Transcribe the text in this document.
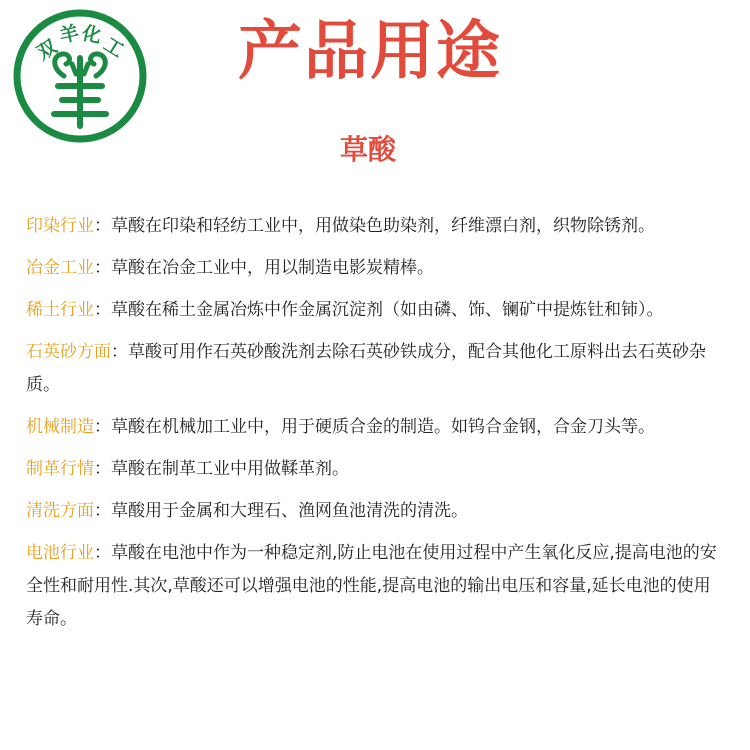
双
羊 化
工 产品用途
草酸

印染行业：草酸在印染和轻纺工业中，用做染色助染剂，纤维漂白剂，织物除锈剂。

冶金工业：草酸在冶金工业中，用以制造电影炭精棒。

稀土行业：草酸在稀土金属冶炼中作金属沉淀剂（如由磷、饰、镧矿中提炼钍和铈）。

石英砂方面：草酸可用作石英砂酸洗剂去除石英砂铁成分，配合其他化工原料出去石英砂杂质。

机械制造：草酸在机械加工业中，用于硬质合金的制造。如钨合金钢，合金刀头等。

制革行情：草酸在制革工业中用做鞣革剂。

清洗方面：草酸用于金属和大理石、渔网鱼池清洗的清洗。

电池行业：草酸在电池中作为一种稳定剂,防止电池在使用过程中产生氧化反应,提高电池的安全性和耐用性.其次,草酸还可以增强电池的性能,提高电池的输出电压和容量,延长电池的使用寿命。
